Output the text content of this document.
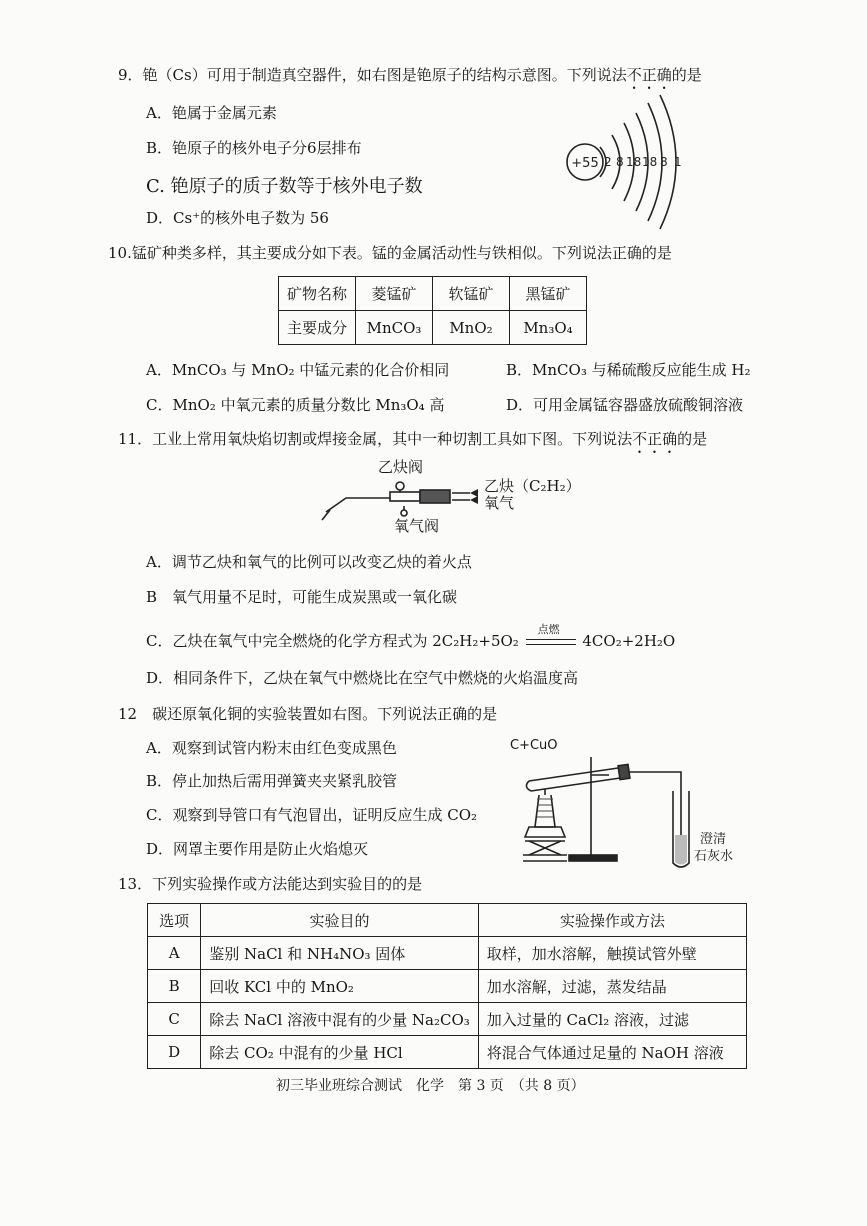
9．铯（Cs）可用于制造真空器件，如右图是铯原子的结构示意图。下列说法不正确的是
A．铯属于金属元素
B．铯原子的核外电子分6层排布
C. 铯原子的质子数等于核外电子数
D．Cs⁺的核外电子数为 56
+55 2 8 18 18 8 1
10.锰矿种类多样，其主要成分如下表。锰的金属活动性与铁相似。下列说法正确的是
矿物名称	菱锰矿	软锰矿	黑锰矿
主要成分	MnCO₃	MnO₂	Mn₃O₄
A．MnCO₃ 与 MnO₂ 中锰元素的化合价相同	B．MnCO₃ 与稀硫酸反应能生成 H₂
C．MnO₂ 中氧元素的质量分数比 Mn₃O₄ 高	D．可用金属锰容器盛放硫酸铜溶液
11．工业上常用氧炔焰切割或焊接金属，其中一种切割工具如下图。下列说法不正确的是
乙炔阀
乙炔（C₂H₂）
氧气
氧气阀
A．调节乙炔和氧气的比例可以改变乙炔的着火点
B　氧气用量不足时，可能生成炭黑或一氧化碳
C．乙炔在氧气中完全燃烧的化学方程式为 2C₂H₂+5O₂
点燃
4CO₂+2H₂O
D．相同条件下，乙炔在氧气中燃烧比在空气中燃烧的火焰温度高
12　碳还原氧化铜的实验装置如右图。下列说法正确的是
A．观察到试管内粉末由红色变成黑色
B．停止加热后需用弹簧夹夹紧乳胶管
C．观察到导管口有气泡冒出，证明反应生成 CO₂
D．网罩主要作用是防止火焰熄灭
C+CuO
澄清
石灰水
13．下列实验操作或方法能达到实验目的的是
选项	实验目的	实验操作或方法
A	鉴别 NaCl 和 NH₄NO₃ 固体	取样，加水溶解，触摸试管外壁
B	回收 KCl 中的 MnO₂	加水溶解，过滤，蒸发结晶
C	除去 NaCl 溶液中混有的少量 Na₂CO₃	加入过量的 CaCl₂ 溶液，过滤
D	除去 CO₂ 中混有的少量 HCl	将混合气体通过足量的 NaOH 溶液
初三毕业班综合测试　化学　第 3 页　（共 8 页）
